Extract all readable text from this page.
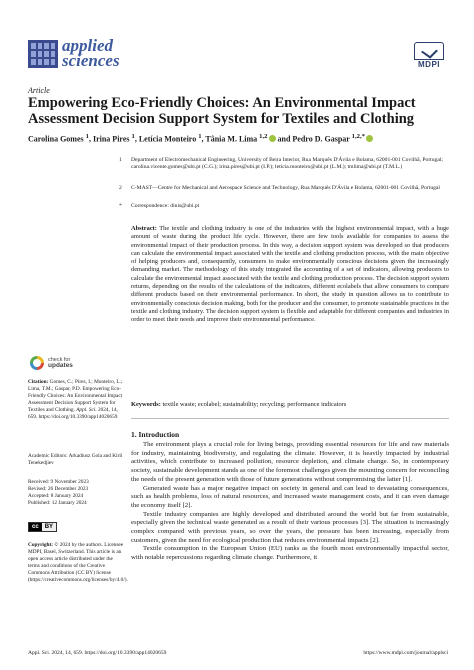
applied
sciences	MDPI
Article
Empowering Eco-Friendly Choices: An Environmental Impact Assessment Decision Support System for Textiles and Clothing
Carolina Gomes $^1$, Irina Pires $^1$, Letícia Monteiro $^1$, Tânia M. Lima $^{1,2}$ and Pedro D. Gaspar $^{1,2,*}$
1 Department of Electromechanical Engineering, University of Beira Interior, Rua Marquês D'Ávila e Bolama, 62001-001 Covilhã, Portugal; carolina.vicente.gomes@ubi.pt (C.G.); irina.pires@ubi.pt (I.P.); leticia.monteiro@ubi.pt (L.M.); tmlima@ubi.pt (T.M.L.)
2 C-MAST—Centre for Mechanical and Aerospace Science and Technology, Rua Marquês D'Ávila e Bolama, 62001-001 Covilhã, Portugal
* Correspondence: dinis@ubi.pt
Abstract: The textile and clothing industry is one of the industries with the highest environmental impact, with a huge amount of waste during the product life cycle. However, there are few tools available for companies to assess the environmental impact of their production process. In this way, a decision support system was developed so that producers can calculate the environmental impact associated with the textile and clothing production process, with the main objective of helping producers and, consequently, consumers to make environmentally conscious decisions given the increasingly demanding market. The methodology of this study integrated the accounting of a set of indicators, allowing producers to calculate the environmental impact associated with the textile and clothing production process. The decision support system returns, depending on the results of the calculations of the indicators, different ecolabels that allow consumers to compare different products based on their environmental performance. In short, the study in question allows us to contribute to environmentally conscious decision making, both for the producer and the consumer, to promote sustainable practices in the textile and clothing industry. The decision support system is flexible and adaptable for different companies and industries in order to meet their needs and improve their environmental performance.
Keywords: textile waste; ecolabel; sustainability; recycling; performance indicators
check for
updates
Citation: Gomes, C.; Pires, I.; Monteiro, L.; Lima, T.M.; Gaspar, P.D. Empowering Eco-Friendly Choices: An Environmental Impact Assessment Decision Support System for Textiles and Clothing. Appl. Sci. 2024, 14, 659. https://doi.org/10.3390/app14020659
Academic Editors: Arkadiusz Gola and Kiril Tenekedjiev
Received: 9 November 2023
Revised: 26 December 2023
Accepted: 8 January 2024
Published: 12 January 2024
cc	BY
Copyright: © 2024 by the authors. Licensee MDPI, Basel, Switzerland. This article is an open access article distributed under the terms and conditions of the Creative Commons Attribution (CC BY) license (https://creativecommons.org/licenses/by/4.0/).
1. Introduction

The environment plays a crucial role for living beings, providing essential resources for life and raw materials for industry, maintaining biodiversity, and regulating the climate. However, it is heavily impacted by industrial activities, which contribute to increased pollution, resource depletion, and climate change. So, in contemporary society, sustainable development stands as one of the foremost challenges given the mounting concern for reconciling the needs of the present generation with those of future generations without compromising the latter [1].

Generated waste has a major negative impact on society in general and can lead to devastating consequences, such as health problems, loss of natural resources, and increased waste management costs, and it can even damage the economy itself [2].

Textile industry companies are highly developed and distributed around the world but far from sustainable, especially given the technical waste generated as a result of their various processes [3]. The situation is increasingly complex compared with previous years, so over the years, the pressure has been increasing, especially from customers, given the need for ecological production that reduces environmental impacts [2].

Textile consumption in the European Union (EU) ranks as the fourth most environmentally impactful sector, with notable repercussions regarding climate change. Furthermore, it

Appl. Sci. 2024, 14, 659. https://doi.org/10.3390/app14020659	https://www.mdpi.com/journal/applsci
